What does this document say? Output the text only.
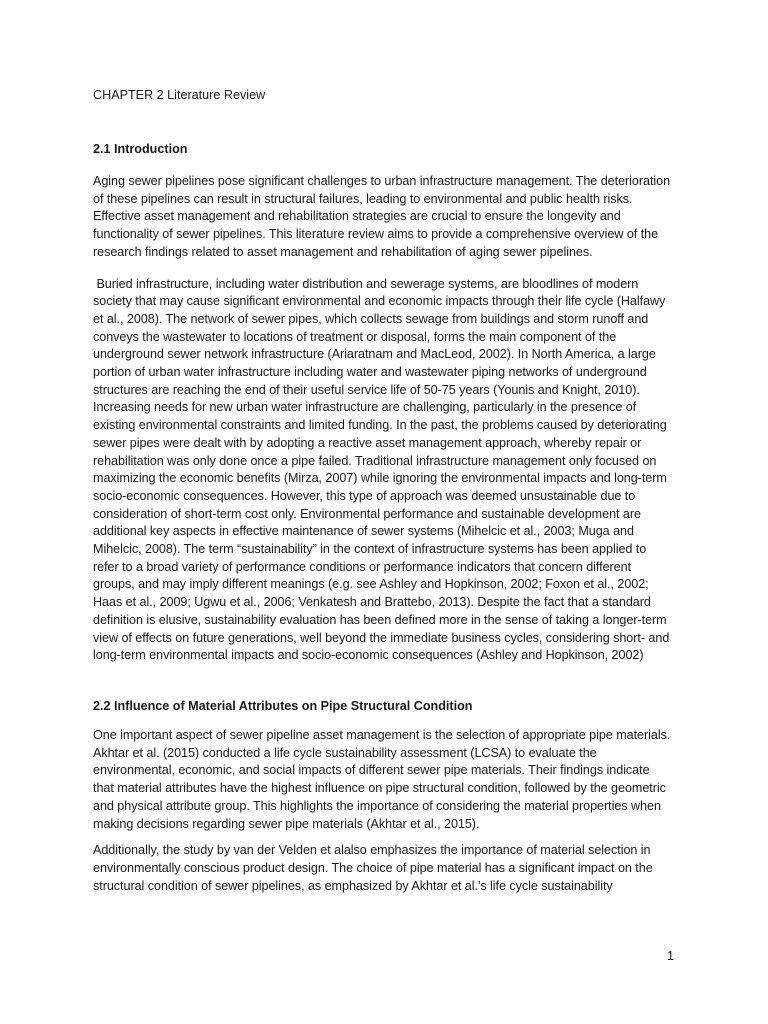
CHAPTER 2 Literature Review
2.1 Introduction

Aging sewer pipelines pose significant challenges to urban infrastructure management. The deterioration of these pipelines can result in structural failures, leading to environmental and public health risks. Effective asset management and rehabilitation strategies are crucial to ensure the longevity and functionality of sewer pipelines. This literature review aims to provide a comprehensive overview of the research findings related to asset management and rehabilitation of aging sewer pipelines.

Buried infrastructure, including water distribution and sewerage systems, are bloodlines of modern society that may cause significant environmental and economic impacts through their life cycle (Halfawy et al., 2008). The network of sewer pipes, which collects sewage from buildings and storm runoff and conveys the wastewater to locations of treatment or disposal, forms the main component of the underground sewer network infrastructure (Ariaratnam and MacLeod, 2002). In North America, a large portion of urban water infrastructure including water and wastewater piping networks of underground structures are reaching the end of their useful service life of 50-75 years (Younis and Knight, 2010). Increasing needs for new urban water infrastructure are challenging, particularly in the presence of existing environmental constraints and limited funding. In the past, the problems caused by deteriorating sewer pipes were dealt with by adopting a reactive asset management approach, whereby repair or rehabilitation was only done once a pipe failed. Traditional infrastructure management only focused on maximizing the economic benefits (Mirza, 2007) while ignoring the environmental impacts and long-term socio-economic consequences. However, this type of approach was deemed unsustainable due to consideration of short-term cost only. Environmental performance and sustainable development are additional key aspects in effective maintenance of sewer systems (Mihelcic et al., 2003; Muga and Mihelcic, 2008). The term “sustainability” in the context of infrastructure systems has been applied to refer to a broad variety of performance conditions or performance indicators that concern different groups, and may imply different meanings (e.g. see Ashley and Hopkinson, 2002; Foxon et al., 2002; Haas et al., 2009; Ugwu et al., 2006; Venkatesh and Brattebo, 2013). Despite the fact that a standard definition is elusive, sustainability evaluation has been defined more in the sense of taking a longer-term view of effects on future generations, well beyond the immediate business cycles, considering short- and long-term environmental impacts and socio-economic consequences (Ashley and Hopkinson, 2002)

2.2 Influence of Material Attributes on Pipe Structural Condition

One important aspect of sewer pipeline asset management is the selection of appropriate pipe materials. Akhtar et al. (2015) conducted a life cycle sustainability assessment (LCSA) to evaluate the environmental, economic, and social impacts of different sewer pipe materials. Their findings indicate that material attributes have the highest influence on pipe structural condition, followed by the geometric and physical attribute group. This highlights the importance of considering the material properties when making decisions regarding sewer pipe materials (Akhtar et al., 2015).

Additionally, the study by van der Velden et alalso emphasizes the importance of material selection in environmentally conscious product design. The choice of pipe material has a significant impact on the structural condition of sewer pipelines, as emphasized by Akhtar et al.'s life cycle sustainability

1
